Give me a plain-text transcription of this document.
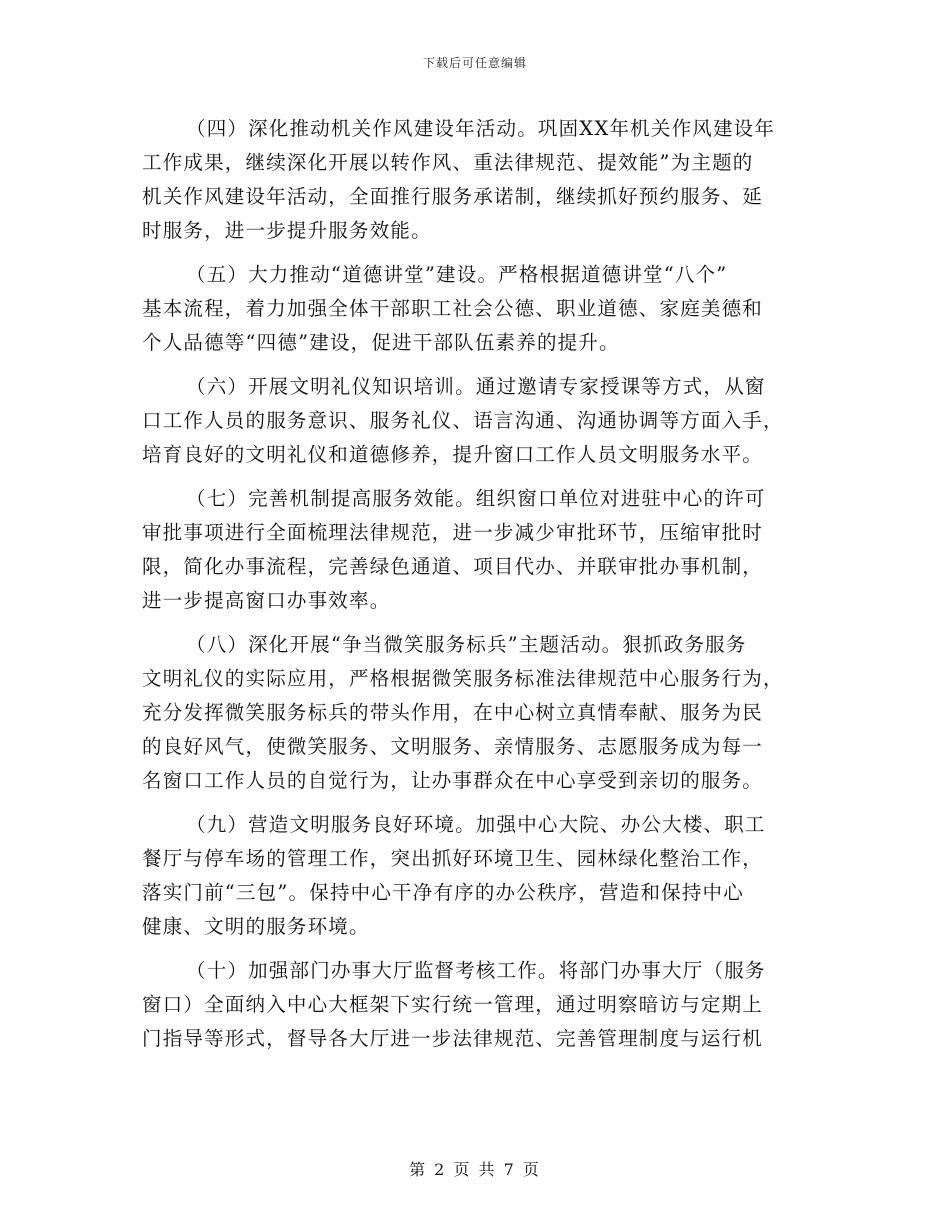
下载后可任意编辑
（四）深化推动机关作风建设年活动。巩固XX年机关作风建设年
工作成果，继续深化开展以转作风、重法律规范、提效能”为主题的
机关作风建设年活动，全面推行服务承诺制，继续抓好预约服务、延
时服务，进一步提升服务效能。
（五）大力推动“道德讲堂”建设。严格根据道德讲堂“八个”
基本流程，着力加强全体干部职工社会公德、职业道德、家庭美德和
个人品德等“四德”建设，促进干部队伍素养的提升。
（六）开展文明礼仪知识培训。通过邀请专家授课等方式，从窗
口工作人员的服务意识、服务礼仪、语言沟通、沟通协调等方面入手，
培育良好的文明礼仪和道德修养，提升窗口工作人员文明服务水平。
（七）完善机制提高服务效能。组织窗口单位对进驻中心的许可
审批事项进行全面梳理法律规范，进一步减少审批环节，压缩审批时
限，简化办事流程，完善绿色通道、项目代办、并联审批办事机制，
进一步提高窗口办事效率。
（八）深化开展“争当微笑服务标兵”主题活动。狠抓政务服务
文明礼仪的实际应用，严格根据微笑服务标准法律规范中心服务行为，
充分发挥微笑服务标兵的带头作用，在中心树立真情奉献、服务为民
的良好风气，使微笑服务、文明服务、亲情服务、志愿服务成为每一
名窗口工作人员的自觉行为，让办事群众在中心享受到亲切的服务。
（九）营造文明服务良好环境。加强中心大院、办公大楼、职工
餐厅与停车场的管理工作，突出抓好环境卫生、园林绿化整治工作，
落实门前“三包”。保持中心干净有序的办公秩序，营造和保持中心
健康、文明的服务环境。
（十）加强部门办事大厅监督考核工作。将部门办事大厅（服务
窗口）全面纳入中心大框架下实行统一管理，通过明察暗访与定期上
门指导等形式，督导各大厅进一步法律规范、完善管理制度与运行机
第 2 页 共 7 页
